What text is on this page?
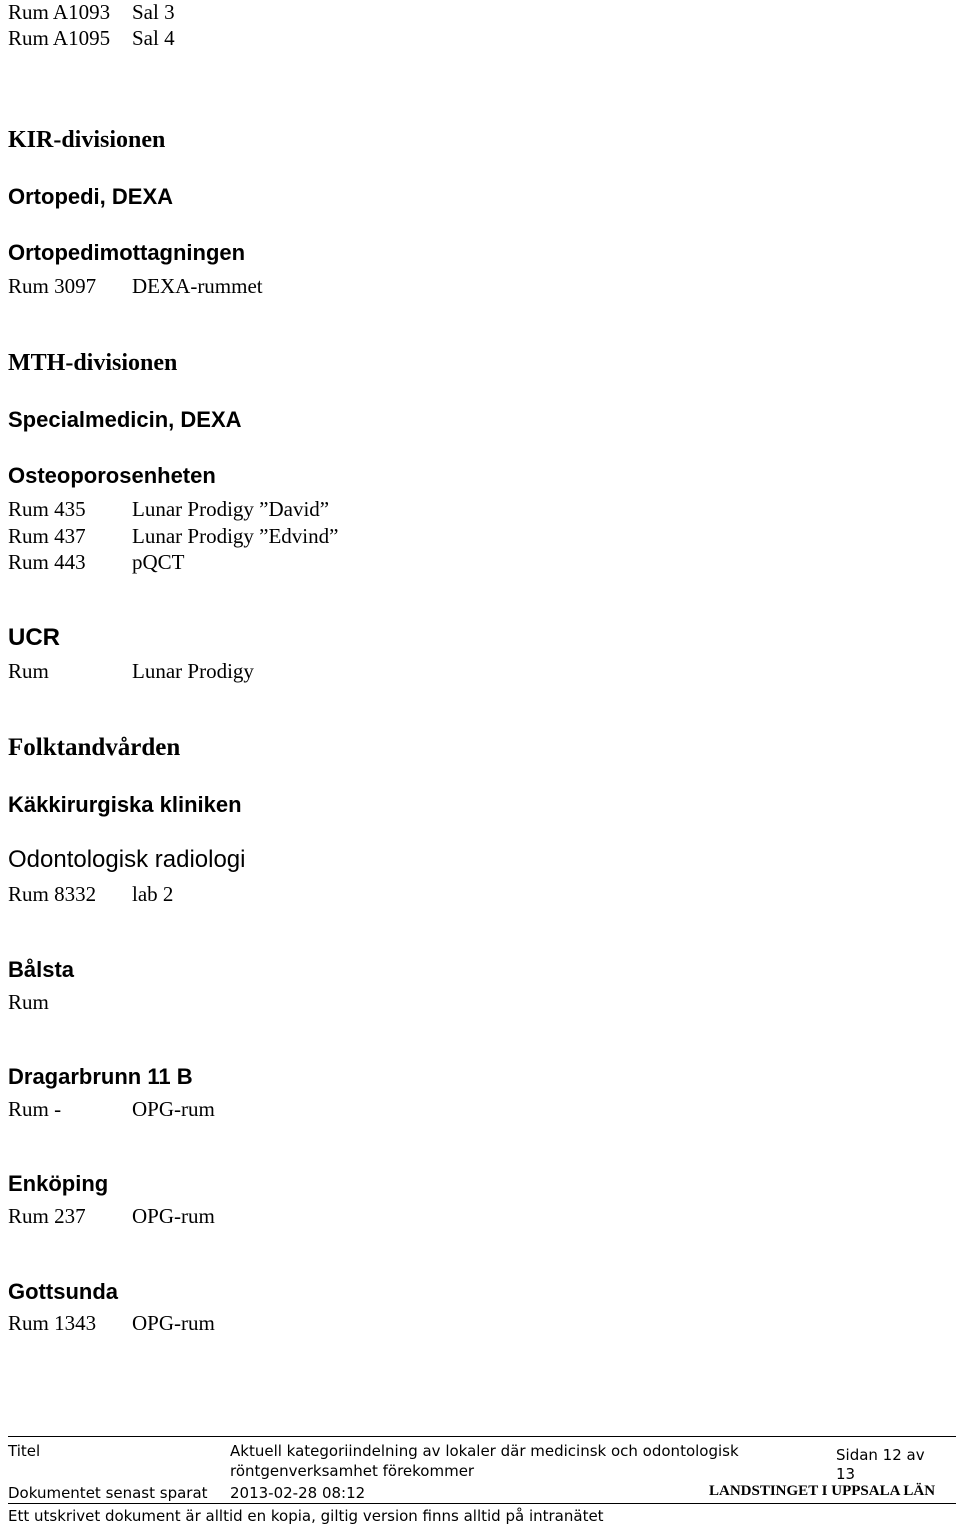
Rum A1093 Sal 3
Rum A1095 Sal 4
KIR-divisionen
Ortopedi, DEXA
Ortopedimottagningen
Rum 3097 DEXA-rummet
MTH-divisionen
Specialmedicin, DEXA
Osteoporosenheten
Rum 435 Lunar Prodigy ”David”
Rum 437 Lunar Prodigy ”Edvind”
Rum 443 pQCT
UCR
Rum	Lunar Prodigy
Folktandvården
Käkkirurgiska kliniken
Odontologisk radiologi
Rum 8332 lab 2
Bålsta
Rum
Dragarbrunn 11 B
Rum -	OPG-rum
Enköping
Rum 237 OPG-rum
Gottsunda
Rum 1343 OPG-rum
Titel	Aktuell kategoriindelning av lokaler där medicinsk och odontologisk
röntgenverksamhet förekommer
Sidan 12 av
13
Dokumentet senast sparat 2013-02-28 08:12	LANDSTINGET I UPPSALA LÄN
Ett utskrivet dokument är alltid en kopia, giltig version finns alltid på intranätet
